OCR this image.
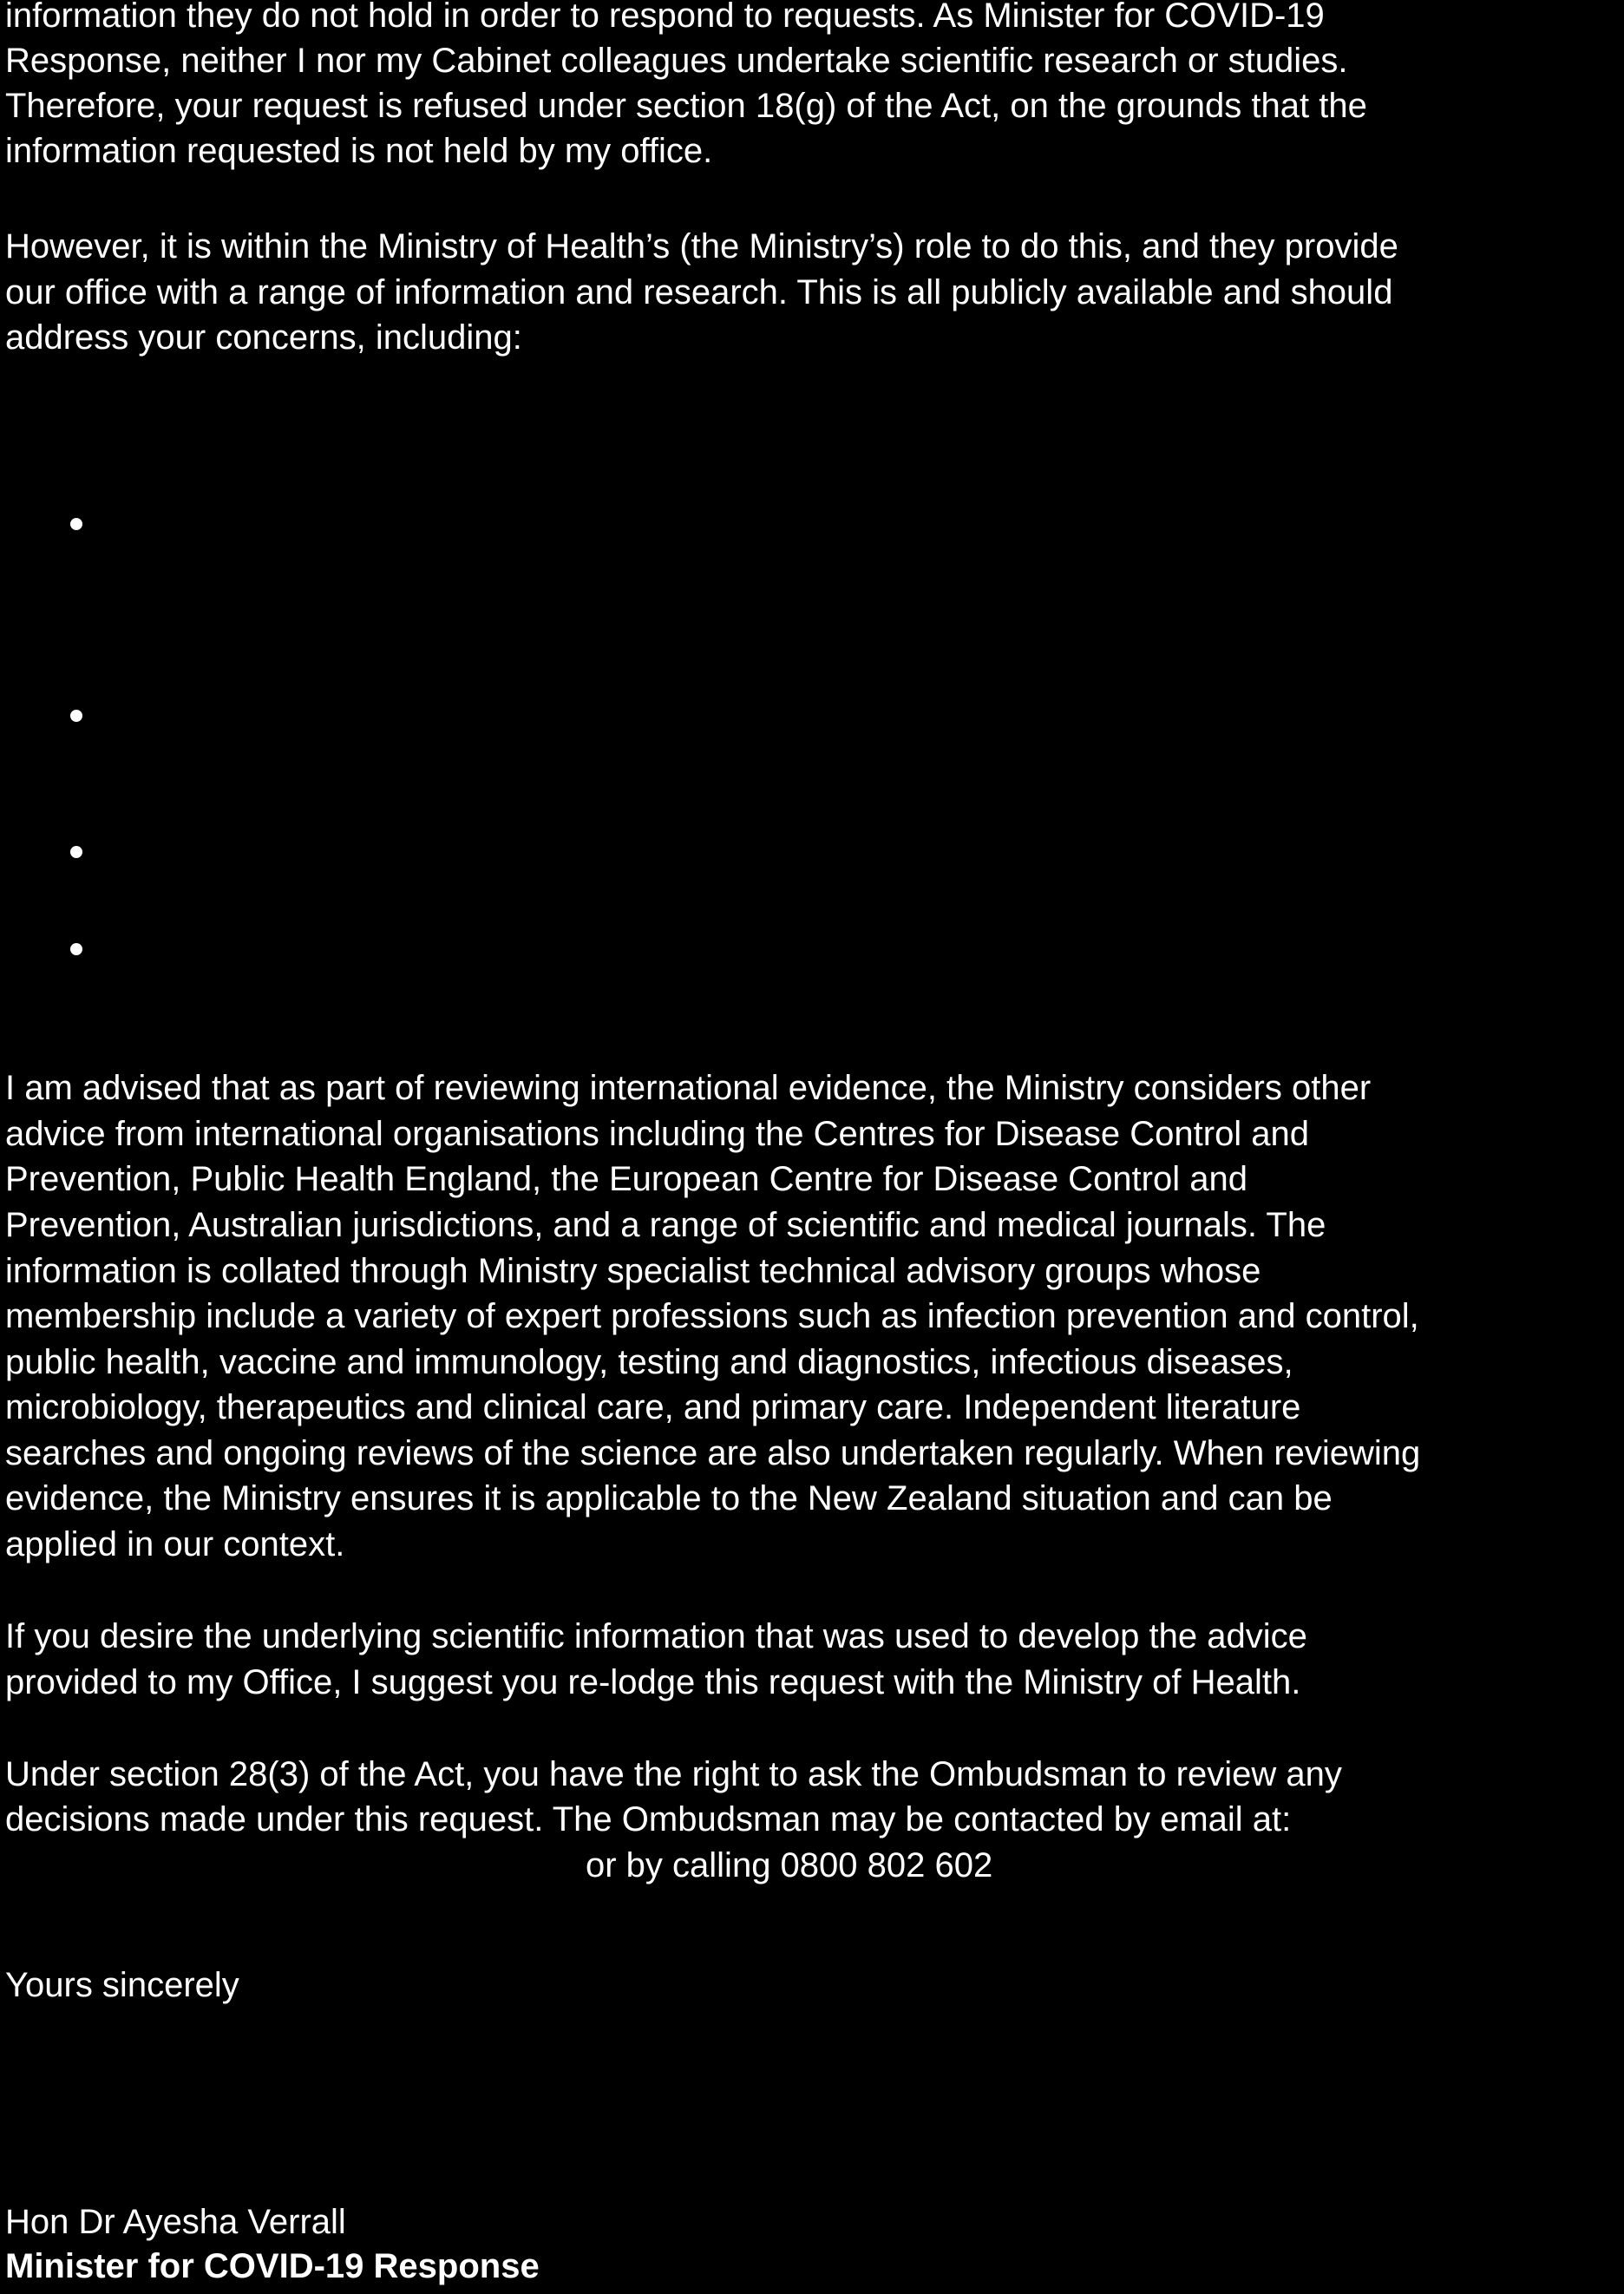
information they do not hold in order to respond to requests. As Minister for COVID-19

Response, neither I nor my Cabinet colleagues undertake scientific research or studies.

Therefore, your request is refused under section 18(g) of the Act, on the grounds that the

information requested is not held by my office.

However, it is within the Ministry of Health’s (the Ministry’s) role to do this, and they provide

our office with a range of information and research. This is all publicly available and should

address your concerns, including:

I am advised that as part of reviewing international evidence, the Ministry considers other

advice from international organisations including the Centres for Disease Control and

Prevention, Public Health England, the European Centre for Disease Control and

Prevention, Australian jurisdictions, and a range of scientific and medical journals. The

information is collated through Ministry specialist technical advisory groups whose

membership include a variety of expert professions such as infection prevention and control,

public health, vaccine and immunology, testing and diagnostics, infectious diseases,

microbiology, therapeutics and clinical care, and primary care. Independent literature

searches and ongoing reviews of the science are also undertaken regularly. When reviewing

evidence, the Ministry ensures it is applicable to the New Zealand situation and can be

applied in our context.

If you desire the underlying scientific information that was used to develop the advice

provided to my Office, I suggest you re-lodge this request with the Ministry of Health.

Under section 28(3) of the Act, you have the right to ask the Ombudsman to review any

decisions made under this request. The Ombudsman may be contacted by email at:

or by calling 0800 802 602

Yours sincerely

Hon Dr Ayesha Verrall

Minister for COVID-19 Response
